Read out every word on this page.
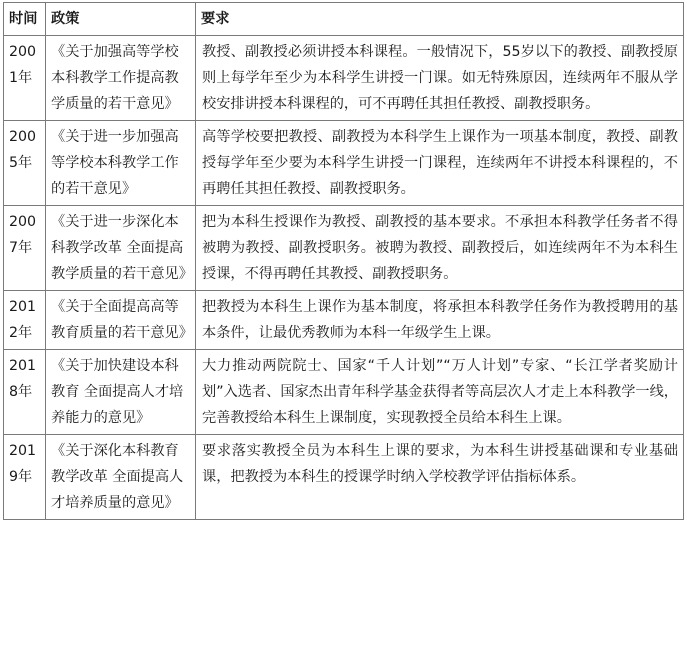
时间	政策	要求
2001年	《关于加强高等学校本科教学工作提高教学质量的若干意见》	教授、副教授必须讲授本科课程。一般情况下，55岁以下的教授、副教授原则上每学年至少为本科学生讲授一门课。如无特殊原因，连续两年不服从学校安排讲授本科课程的，可不再聘任其担任教授、副教授职务。
2005年	《关于进一步加强高等学校本科教学工作的若干意见》	高等学校要把教授、副教授为本科学生上课作为一项基本制度，教授、副教授每学年至少要为本科学生讲授一门课程，连续两年不讲授本科课程的，不再聘任其担任教授、副教授职务。
2007年	《关于进一步深化本科教学改革 全面提高教学质量的若干意见》	把为本科生授课作为教授、副教授的基本要求。不承担本科教学任务者不得被聘为教授、副教授职务。被聘为教授、副教授后，如连续两年不为本科生授课，不得再聘任其教授、副教授职务。
2012年	《关于全面提高高等教育质量的若干意见》	把教授为本科生上课作为基本制度，将承担本科教学任务作为教授聘用的基本条件，让最优秀教师为本科一年级学生上课。
2018年	《关于加快建设本科教育 全面提高人才培养能力的意见》	大力推动两院院士、国家“千人计划”“万人计划”专家、“长江学者奖励计划”入选者、国家杰出青年科学基金获得者等高层次人才走上本科教学一线，完善教授给本科生上课制度，实现教授全员给本科生上课。
2019年	《关于深化本科教育教学改革 全面提高人才培养质量的意见》	要求落实教授全员为本科生上课的要求，为本科生讲授基础课和专业基础课，把教授为本科生的授课学时纳入学校教学评估指标体系。
